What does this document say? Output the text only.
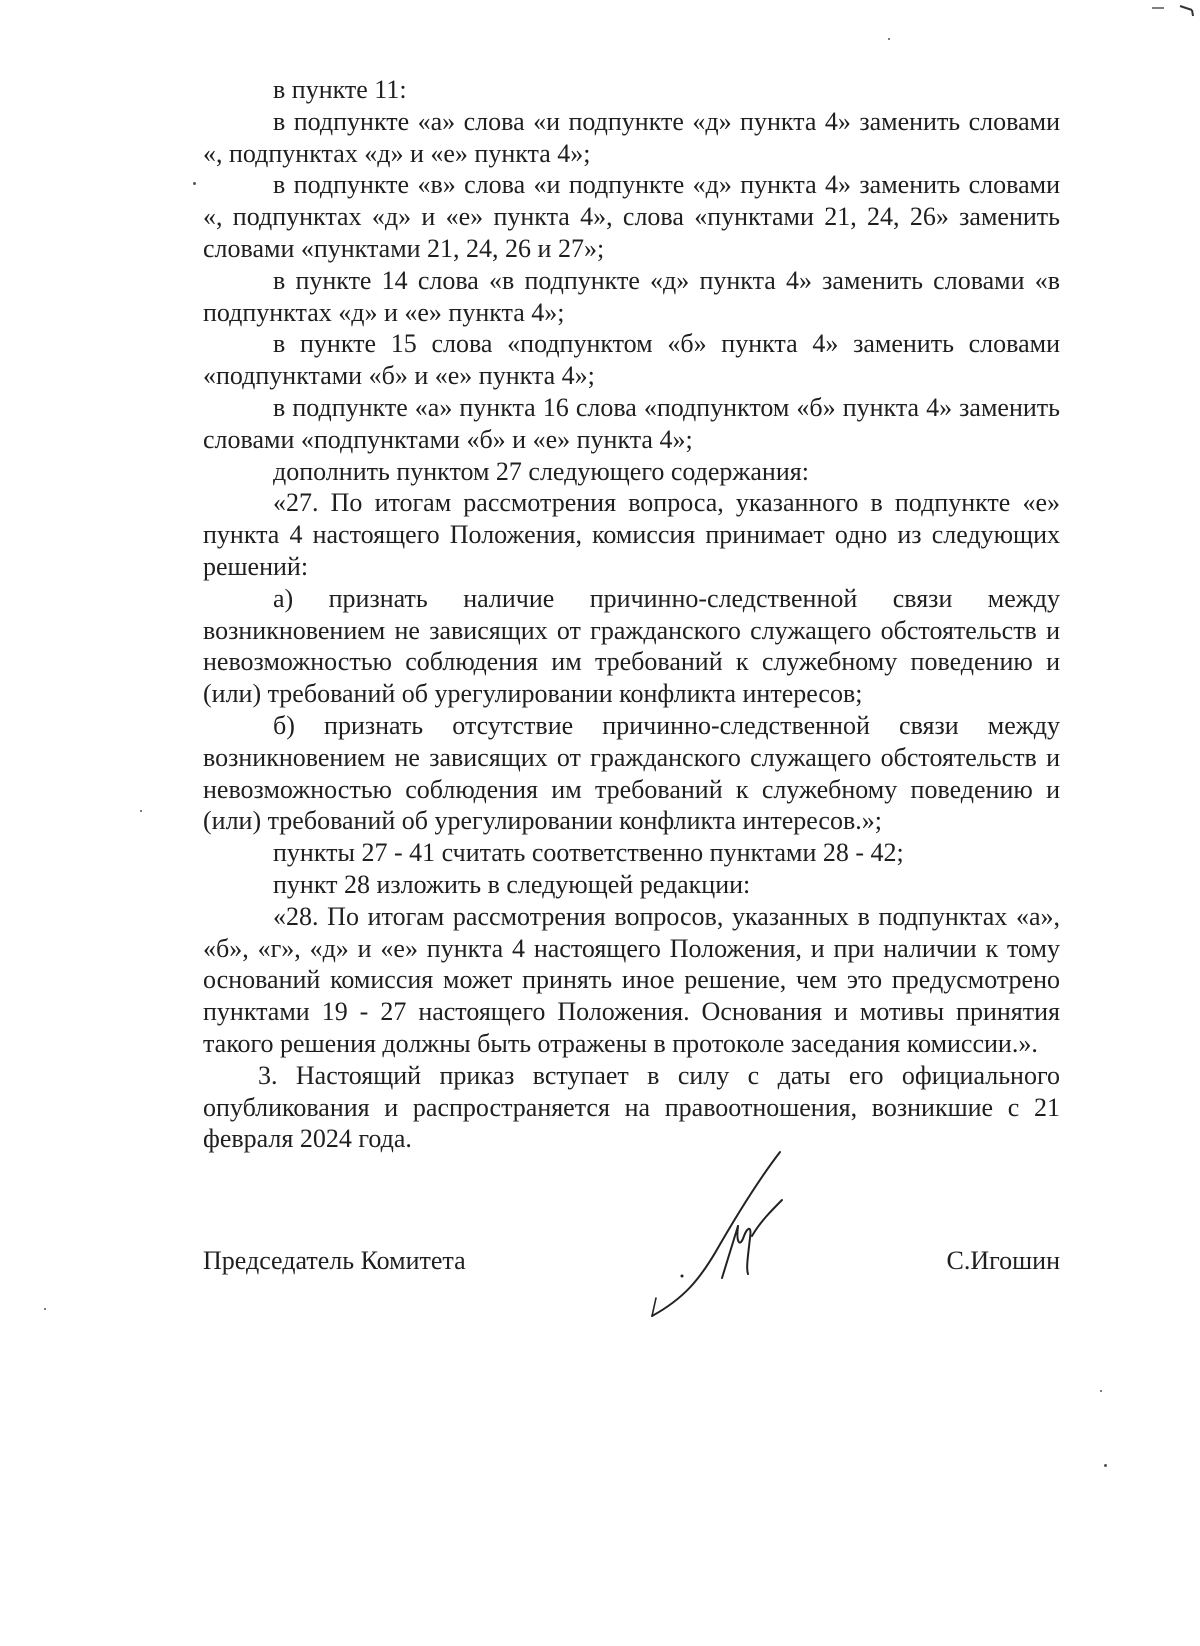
в пункте 11:

в подпункте «а» слова «и подпункте «д» пункта 4» заменить словами «, подпунктах «д» и «е» пункта 4»;

в подпункте «в» слова «и подпункте «д» пункта 4» заменить словами «, подпунктах «д» и «е» пункта 4», слова «пунктами 21, 24, 26» заменить словами «пунктами 21, 24, 26 и 27»;

в пункте 14 слова «в подпункте «д» пункта 4» заменить словами «в подпунктах «д» и «е» пункта 4»;

в пункте 15 слова «подпунктом «б» пункта 4» заменить словами «подпунктами «б» и «е» пункта 4»;

в подпункте «а» пункта 16 слова «подпунктом «б» пункта 4» заменить словами «подпунктами «б» и «е» пункта 4»;

дополнить пунктом 27 следующего содержания:

«27. По итогам рассмотрения вопроса, указанного в подпункте «е» пункта 4 настоящего Положения, комиссия принимает одно из следующих решений:

а) признать наличие причинно-следственной связи между возникновением не зависящих от гражданского служащего обстоятельств и невозможностью соблюдения им требований к служебному поведению и (или) требований об урегулировании конфликта интересов;

б) признать отсутствие причинно-следственной связи между возникновением не зависящих от гражданского служащего обстоятельств и невозможностью соблюдения им требований к служебному поведению и (или) требований об урегулировании конфликта интересов.»;

пункты 27 - 41 считать соответственно пунктами 28 - 42;

пункт 28 изложить в следующей редакции:

«28. По итогам рассмотрения вопросов, указанных в подпунктах «а», «б», «г», «д» и «е» пункта 4 настоящего Положения, и при наличии к тому оснований комиссия может принять иное решение, чем это предусмотрено пунктами 19 - 27 настоящего Положения. Основания и мотивы принятия такого решения должны быть отражены в протоколе заседания комиссии.».

3. Настоящий приказ вступает в силу с даты его официального опубликования и распространяется на правоотношения, возникшие с 21 февраля 2024 года.

Председатель Комитета	С.Игошин
